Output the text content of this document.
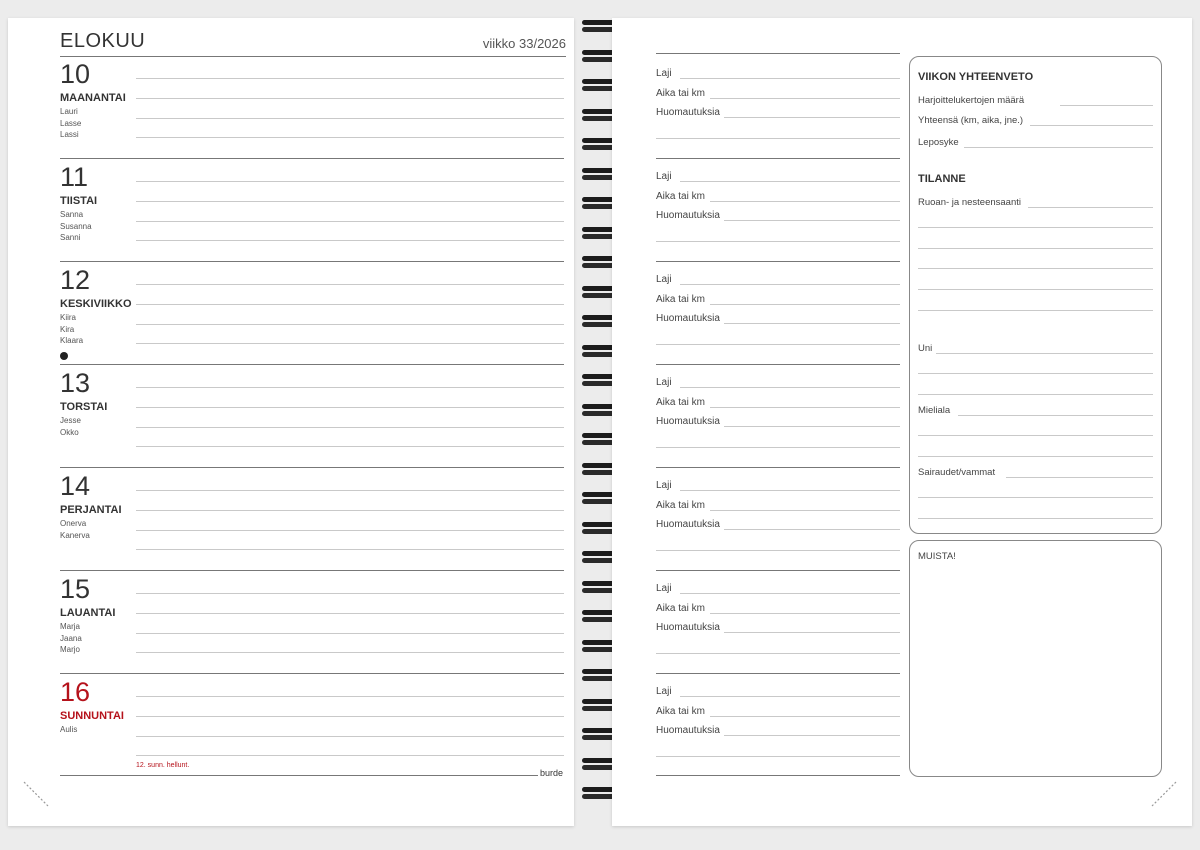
ELOKUU	viikko 33/2026
10
MAANANTAI
Lauri
Lasse
Lassi
11
TIISTAI
Sanna
Susanna
Sanni
12
KESKIVIIKKO
Kiira
Kira
Klaara
13
TORSTAI
Jesse
Okko
14
PERJANTAI
Onerva
Kanerva
15
LAUANTAI
Marja
Jaana
Marjo
16
SUNNUNTAI
Aulis
12. sunn. hellunt.
burde
Laji
Aika tai km
Huomautuksia
Laji
Aika tai km
Huomautuksia
Laji
Aika tai km
Huomautuksia
Laji
Aika tai km
Huomautuksia
Laji
Aika tai km
Huomautuksia
Laji
Aika tai km
Huomautuksia
Laji
Aika tai km
Huomautuksia
VIIKON YHTEENVETO
Harjoittelukertojen määrä
Yhteensä (km, aika, jne.)
Leposyke
TILANNE
Ruoan- ja nesteensaanti
Uni
Mieliala
Sairaudet/vammat
MUISTA!
